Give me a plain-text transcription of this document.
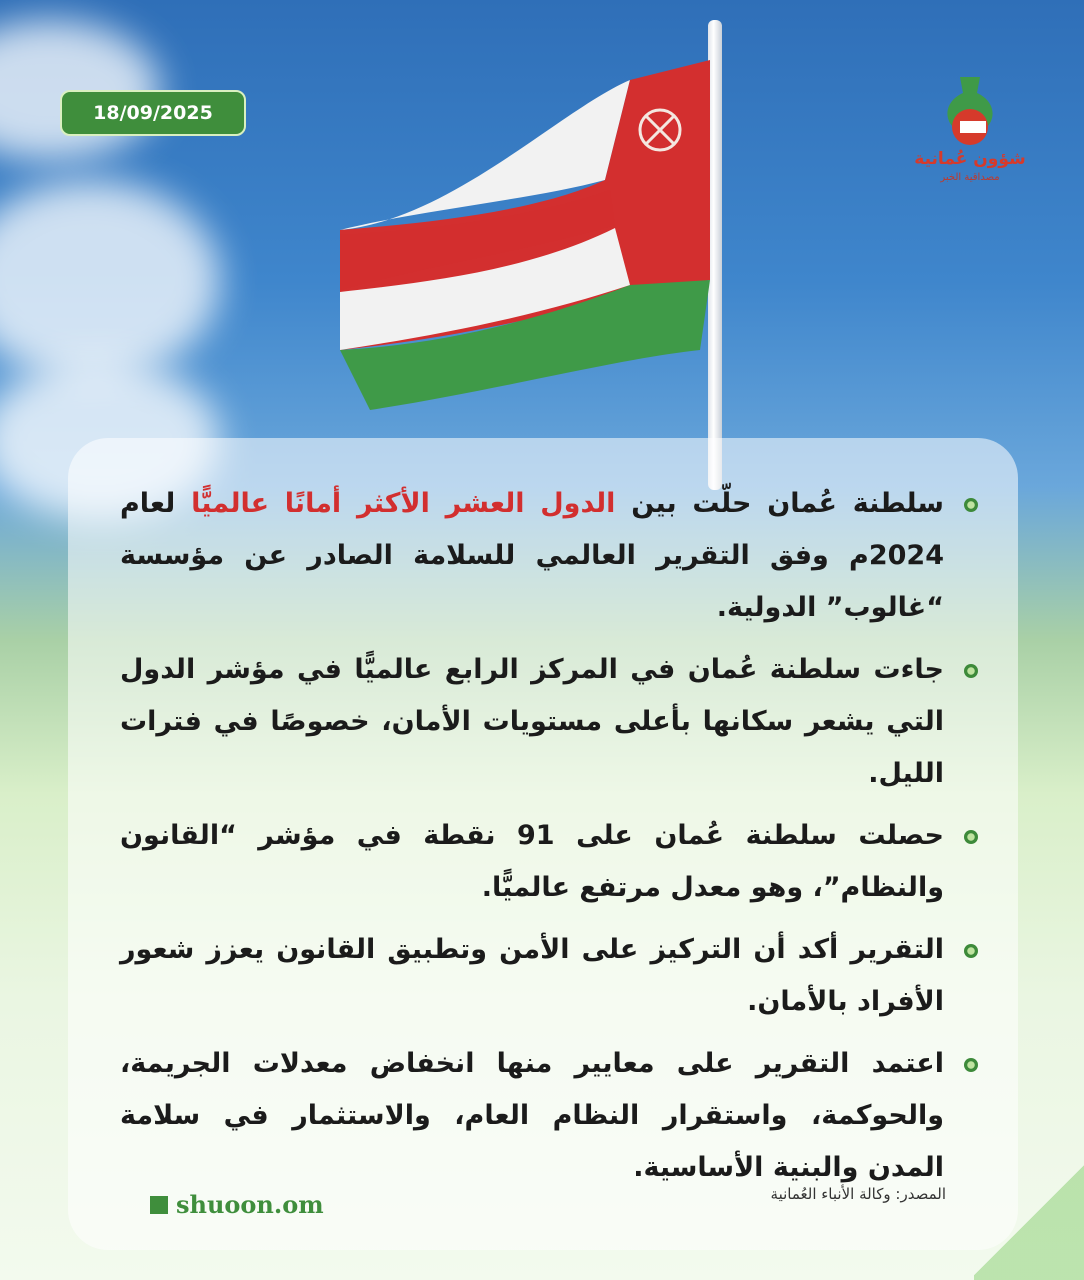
18/09/2025
شؤون عُمانية
مصداقية الخبر
سلطنة عُمان حلّت بين الدول العشر الأكثر أمانًا عالميًّا لعام 2024م وفق التقرير العالمي للسلامة الصادر عن مؤسسة “غالوب” الدولية.
جاءت سلطنة عُمان في المركز الرابع عالميًّا في مؤشر الدول التي يشعر سكانها بأعلى مستويات الأمان، خصوصًا في فترات الليل.
حصلت سلطنة عُمان على 91 نقطة في مؤشر “القانون والنظام”، وهو معدل مرتفع عالميًّا.
التقرير أكد أن التركيز على الأمن وتطبيق القانون يعزز شعور الأفراد بالأمان.
اعتمد التقرير على معايير منها انخفاض معدلات الجريمة، والحوكمة، واستقرار النظام العام، والاستثمار في سلامة المدن والبنية الأساسية.
المصدر: وكالة الأنباء العُمانية
shuoon.om
